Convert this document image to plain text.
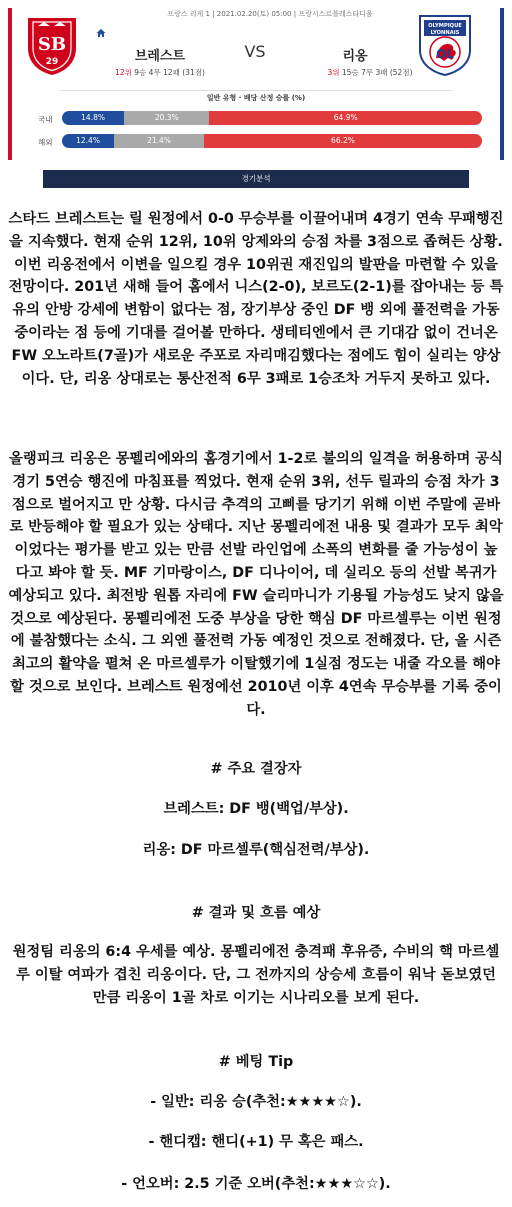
프랑스 리게 1 | 2021.02.20(토) 05:00 | 프랑시스르블레스타디움
SB
29
OLYMPIQUE
LYONNAIS
OL
브레스트	VS	리옹
12위 9승 4무 12패 (31점)	3위 15승 7무 3패 (52점)
일반 유형 · 배당 산정 승률 (%)
국내	14.8%	20.3%	64.9%
해외	12.4%	21.4%	66.2%
경기분석
스타드 브레스트는 릴 원정에서 0-0 무승부를 이끌어내며 4경기 연속 무패행진을 지속했다. 현재 순위 12위, 10위 앙제와의 승점 차를 3점으로 좁혀든 상황. 이번 리옹전에서 이변을 일으킬 경우 10위권 재진입의 발판을 마련할 수 있을 전망이다. 201년 새해 들어 홈에서 니스(2-0), 보르도(2-1)를 잡아내는 등 특유의 안방 강세에 변함이 없다는 점, 장기부상 중인 DF 뱅 외에 풀전력을 가동 중이라는 점 등에 기대를 걸어볼 만하다. 생테티엔에서 큰 기대감 없이 건너온 FW 오노라트(7골)가 새로운 주포로 자리매김했다는 점에도 힘이 실리는 양상이다. 단, 리옹 상대로는 통산전적 6무 3패로 1승조차 거두지 못하고 있다.
올랭피크 리옹은 몽펠리에와의 홈경기에서 1-2로 불의의 일격을 허용하며 공식경기 5연승 행진에 마침표를 찍었다. 현재 순위 3위, 선두 릴과의 승점 차가 3점으로 벌어지고 만 상황. 다시금 추격의 고삐를 당기기 위해 이번 주말에 곧바로 반등해야 할 필요가 있는 상태다. 지난 몽펠리에전 내용 및 결과가 모두 최악이었다는 평가를 받고 있는 만큼 선발 라인업에 소폭의 변화를 줄 가능성이 높다고 봐야 할 듯. MF 기마랑이스, DF 디나이어, 데 실리오 등의 선발 복귀가 예상되고 있다. 최전방 원톱 자리에 FW 슬리마니가 기용될 가능성도 낮지 않을 것으로 예상된다. 몽펠리에전 도중 부상을 당한 핵심 DF 마르셀루는 이번 원정에 불참했다는 소식. 그 외엔 풀전력 가동 예정인 것으로 전해졌다. 단, 올 시즌 최고의 활약을 펼쳐 온 마르셀루가 이탈했기에 1실점 정도는 내줄 각오를 해야 할 것으로 보인다. 브레스트 원정에선 2010년 이후 4연속 무승부를 기록 중이다.
# 주요 결장자
브레스트: DF 뱅(백업/부상).
리옹: DF 마르셀루(핵심전력/부상).
# 결과 및 흐름 예상
원정팀 리옹의 6:4 우세를 예상. 몽펠리에전 충격패 후유증, 수비의 핵 마르셀루 이탈 여파가 겹친 리옹이다. 단, 그 전까지의 상승세 흐름이 워낙 돋보였던 만큼 리옹이 1골 차로 이기는 시나리오를 보게 된다.
# 베팅 Tip
- 일반: 리옹 승(추천:★★★★☆).
- 핸디캡: 핸디(+1) 무 혹은 패스.
- 언오버: 2.5 기준 오버(추천:★★★☆☆).
